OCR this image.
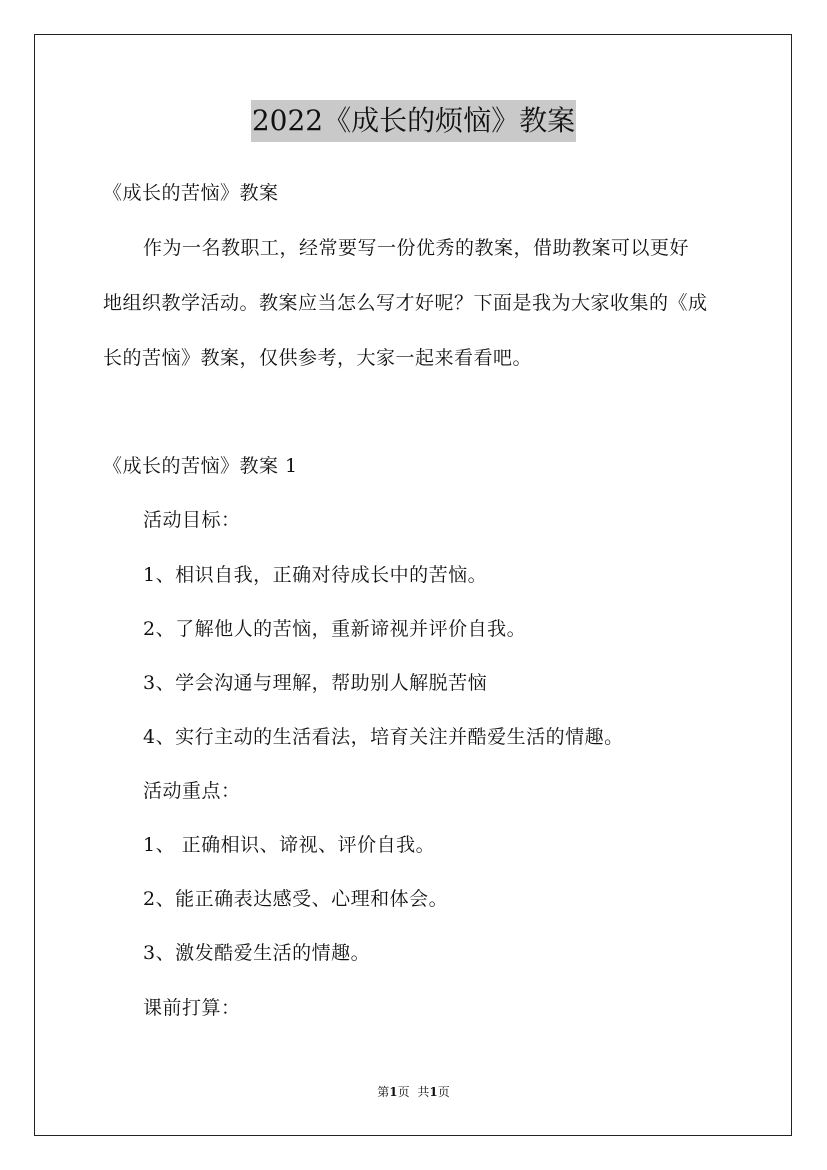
2022《成长的烦恼》教案
《成长的苦恼》教案
作为一名教职工，经常要写一份优秀的教案，借助教案可以更好
地组织教学活动。教案应当怎么写才好呢？下面是我为大家收集的《成
长的苦恼》教案，仅供参考，大家一起来看看吧。
《成长的苦恼》教案 1
活动目标：
1、相识自我，正确对待成长中的苦恼。
2、了解他人的苦恼，重新谛视并评价自我。
3、学会沟通与理解，帮助别人解脱苦恼
4、实行主动的生活看法，培育关注并酷爱生活的情趣。
活动重点：
1、 正确相识、谛视、评价自我。
2、能正确表达感受、心理和体会。
3、激发酷爱生活的情趣。
课前打算：
第1页 共1页
